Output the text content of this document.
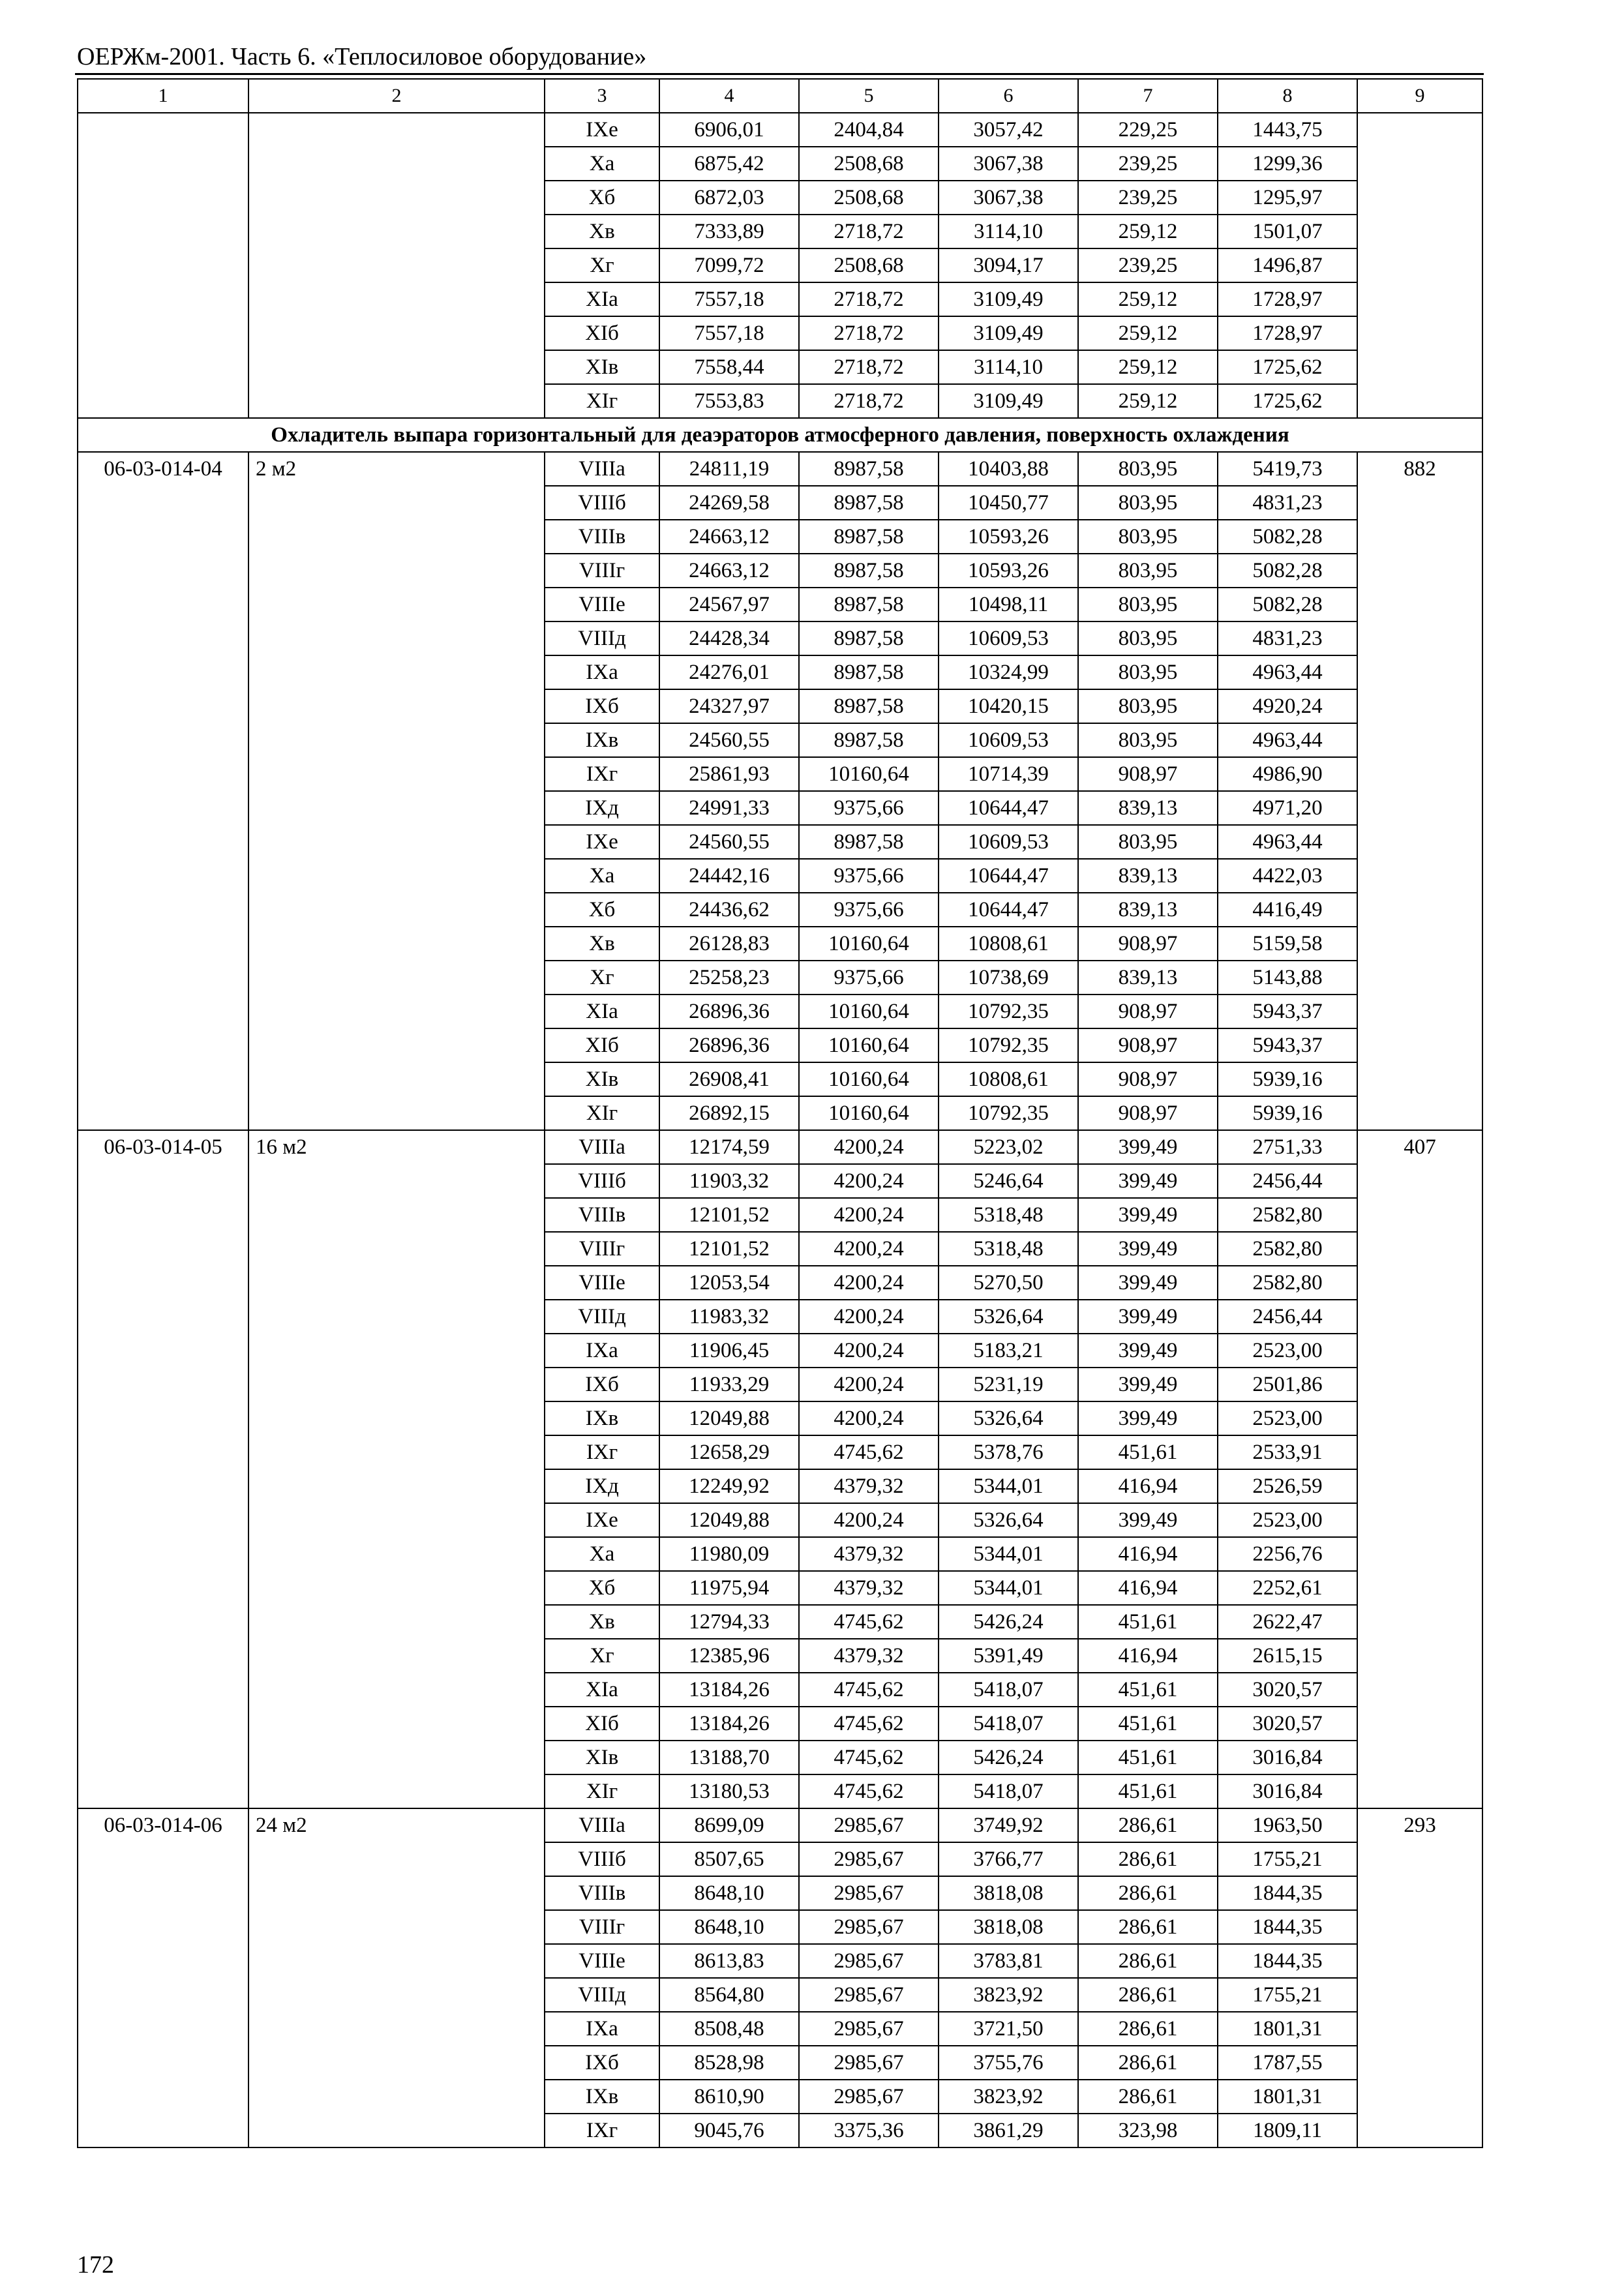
ОЕРЖм-2001. Часть 6. «Теплосиловое оборудование»
1	2	3	4	5	6	7	8	9
		IXе	6906,01	2404,84	3057,42	229,25	1443,75	
		Xа	6875,42	2508,68	3067,38	239,25	1299,36	
		Xб	6872,03	2508,68	3067,38	239,25	1295,97	
		Xв	7333,89	2718,72	3114,10	259,12	1501,07	
		Xг	7099,72	2508,68	3094,17	239,25	1496,87	
		XIа	7557,18	2718,72	3109,49	259,12	1728,97	
		XIб	7557,18	2718,72	3109,49	259,12	1728,97	
		XIв	7558,44	2718,72	3114,10	259,12	1725,62	
		XIг	7553,83	2718,72	3109,49	259,12	1725,62	
Охладитель выпара горизонтальный для деаэраторов атмосферного давления, поверхность охлаждения								
06-03-014-04	2 м2	VIIIа	24811,19	8987,58	10403,88	803,95	5419,73	882
		VIIIб	24269,58	8987,58	10450,77	803,95	4831,23	
		VIIIв	24663,12	8987,58	10593,26	803,95	5082,28	
		VIIIг	24663,12	8987,58	10593,26	803,95	5082,28	
		VIIIе	24567,97	8987,58	10498,11	803,95	5082,28	
		VIIIд	24428,34	8987,58	10609,53	803,95	4831,23	
		IXа	24276,01	8987,58	10324,99	803,95	4963,44	
		IXб	24327,97	8987,58	10420,15	803,95	4920,24	
		IXв	24560,55	8987,58	10609,53	803,95	4963,44	
		IXг	25861,93	10160,64	10714,39	908,97	4986,90	
		IXд	24991,33	9375,66	10644,47	839,13	4971,20	
		IXе	24560,55	8987,58	10609,53	803,95	4963,44	
		Xа	24442,16	9375,66	10644,47	839,13	4422,03	
		Xб	24436,62	9375,66	10644,47	839,13	4416,49	
		Xв	26128,83	10160,64	10808,61	908,97	5159,58	
		Xг	25258,23	9375,66	10738,69	839,13	5143,88	
		XIа	26896,36	10160,64	10792,35	908,97	5943,37	
		XIб	26896,36	10160,64	10792,35	908,97	5943,37	
		XIв	26908,41	10160,64	10808,61	908,97	5939,16	
		XIг	26892,15	10160,64	10792,35	908,97	5939,16	
06-03-014-05	16 м2	VIIIа	12174,59	4200,24	5223,02	399,49	2751,33	407
		VIIIб	11903,32	4200,24	5246,64	399,49	2456,44	
		VIIIв	12101,52	4200,24	5318,48	399,49	2582,80	
		VIIIг	12101,52	4200,24	5318,48	399,49	2582,80	
		VIIIе	12053,54	4200,24	5270,50	399,49	2582,80	
		VIIIд	11983,32	4200,24	5326,64	399,49	2456,44	
		IXа	11906,45	4200,24	5183,21	399,49	2523,00	
		IXб	11933,29	4200,24	5231,19	399,49	2501,86	
		IXв	12049,88	4200,24	5326,64	399,49	2523,00	
		IXг	12658,29	4745,62	5378,76	451,61	2533,91	
		IXд	12249,92	4379,32	5344,01	416,94	2526,59	
		IXе	12049,88	4200,24	5326,64	399,49	2523,00	
		Xа	11980,09	4379,32	5344,01	416,94	2256,76	
		Xб	11975,94	4379,32	5344,01	416,94	2252,61	
		Xв	12794,33	4745,62	5426,24	451,61	2622,47	
		Xг	12385,96	4379,32	5391,49	416,94	2615,15	
		XIа	13184,26	4745,62	5418,07	451,61	3020,57	
		XIб	13184,26	4745,62	5418,07	451,61	3020,57	
		XIв	13188,70	4745,62	5426,24	451,61	3016,84	
		XIг	13180,53	4745,62	5418,07	451,61	3016,84	
06-03-014-06	24 м2	VIIIа	8699,09	2985,67	3749,92	286,61	1963,50	293
		VIIIб	8507,65	2985,67	3766,77	286,61	1755,21	
		VIIIв	8648,10	2985,67	3818,08	286,61	1844,35	
		VIIIг	8648,10	2985,67	3818,08	286,61	1844,35	
		VIIIе	8613,83	2985,67	3783,81	286,61	1844,35	
		VIIIд	8564,80	2985,67	3823,92	286,61	1755,21	
		IXа	8508,48	2985,67	3721,50	286,61	1801,31	
		IXб	8528,98	2985,67	3755,76	286,61	1787,55	
		IXв	8610,90	2985,67	3823,92	286,61	1801,31	
		IXг	9045,76	3375,36	3861,29	323,98	1809,11	
172
